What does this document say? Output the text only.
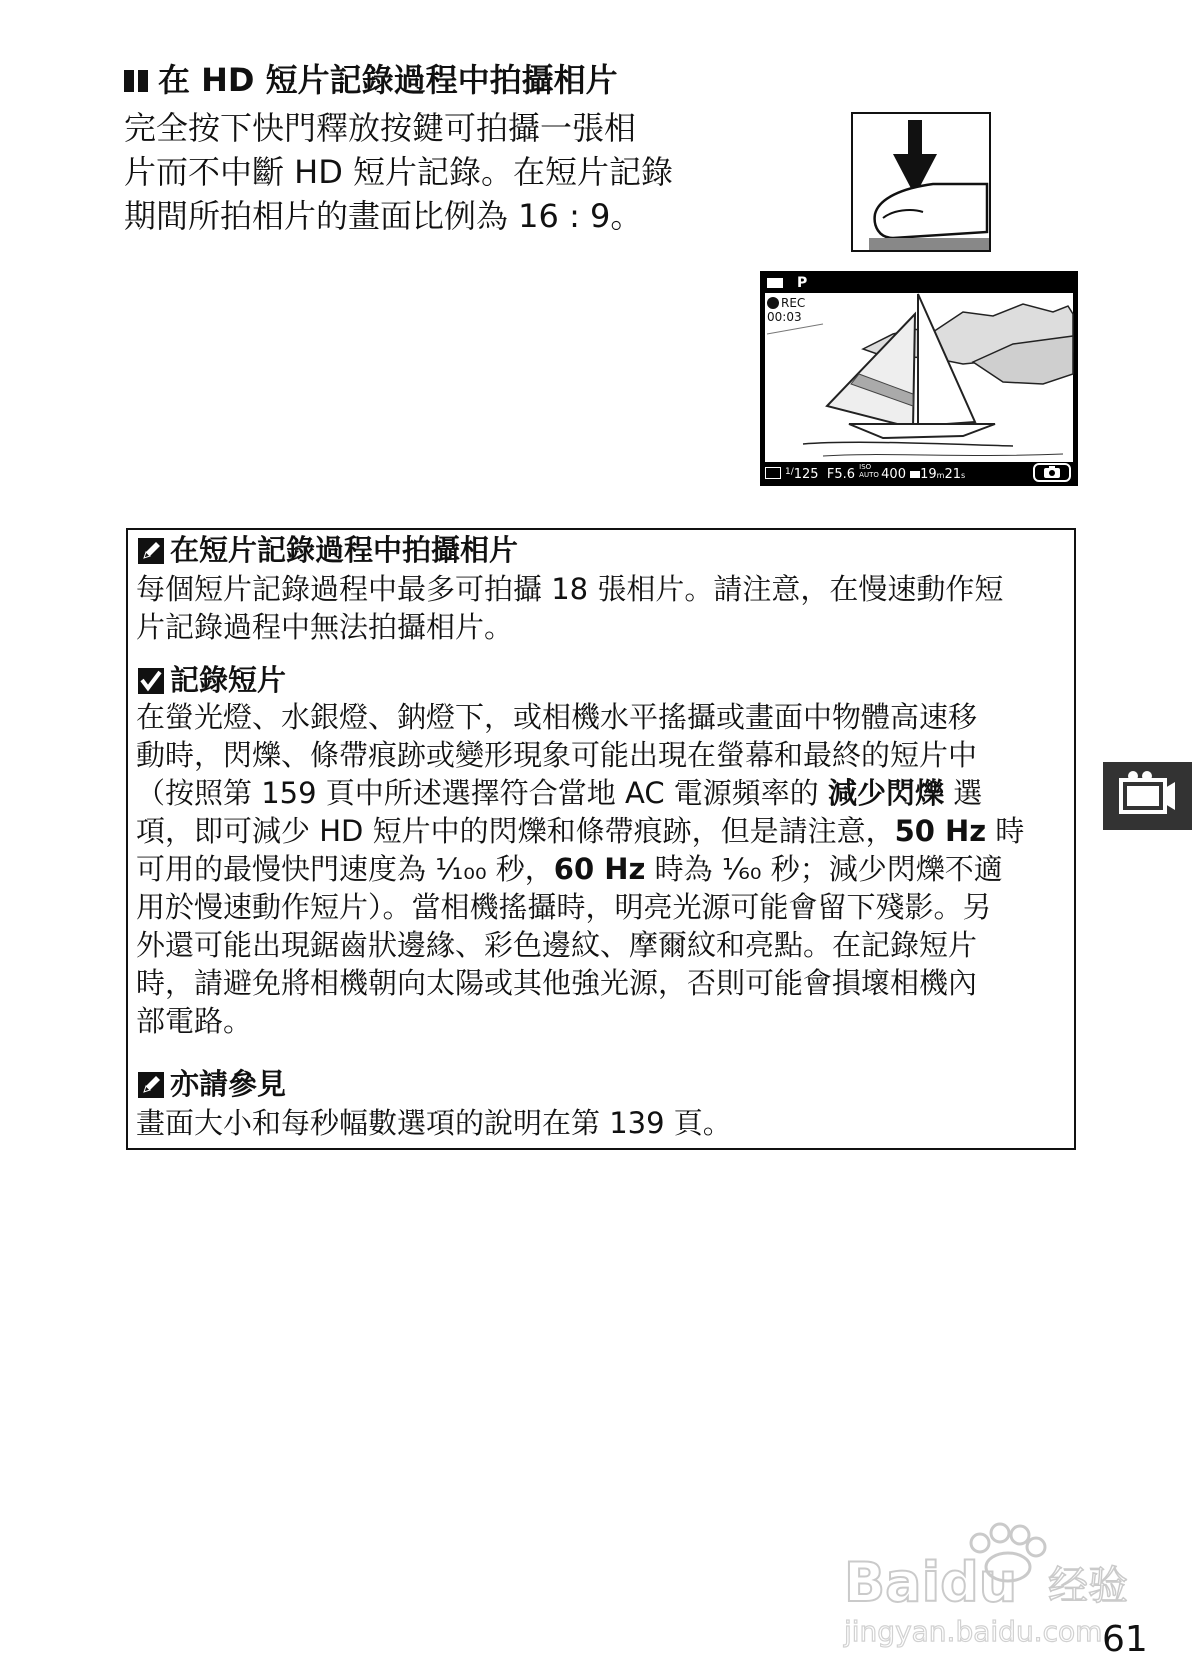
在 HD 短片記錄過程中拍攝相片
完全按下快門釋放按鍵可拍攝一張相
片而不中斷 HD 短片記錄。在短片記錄
期間所拍相片的畫面比例為 16 : 9。
P
REC
00:03
$^{1/}$125 F5.6 ISO AUTO 400 19m21s
在短片記錄過程中拍攝相片
每個短片記錄過程中最多可拍攝 18 張相片。請注意，在慢速動作短
片記錄過程中無法拍攝相片。
記錄短片
在螢光燈、水銀燈、鈉燈下，或相機水平搖攝或畫面中物體高速移
動時，閃爍、條帶痕跡或變形現象可能出現在螢幕和最終的短片中
（按照第 159 頁中所述選擇符合當地 AC 電源頻率的 減少閃爍 選
項，即可減少 HD 短片中的閃爍和條帶痕跡，但是請注意，50 Hz 時
可用的最慢快門速度為 ¹⁄₁₀₀ 秒，60 Hz 時為 ¹⁄₆₀ 秒；減少閃爍不適
用於慢速動作短片）。當相機搖攝時，明亮光源可能會留下殘影。另
外還可能出現鋸齒狀邊緣、彩色邊紋、摩爾紋和亮點。在記錄短片
時，請避免將相機朝向太陽或其他強光源，否則可能會損壞相機內
部電路。
亦請參見
畫面大小和每秒幅數選項的說明在第 139 頁。
Baidu 经验
jingyan.baidu.com 61
